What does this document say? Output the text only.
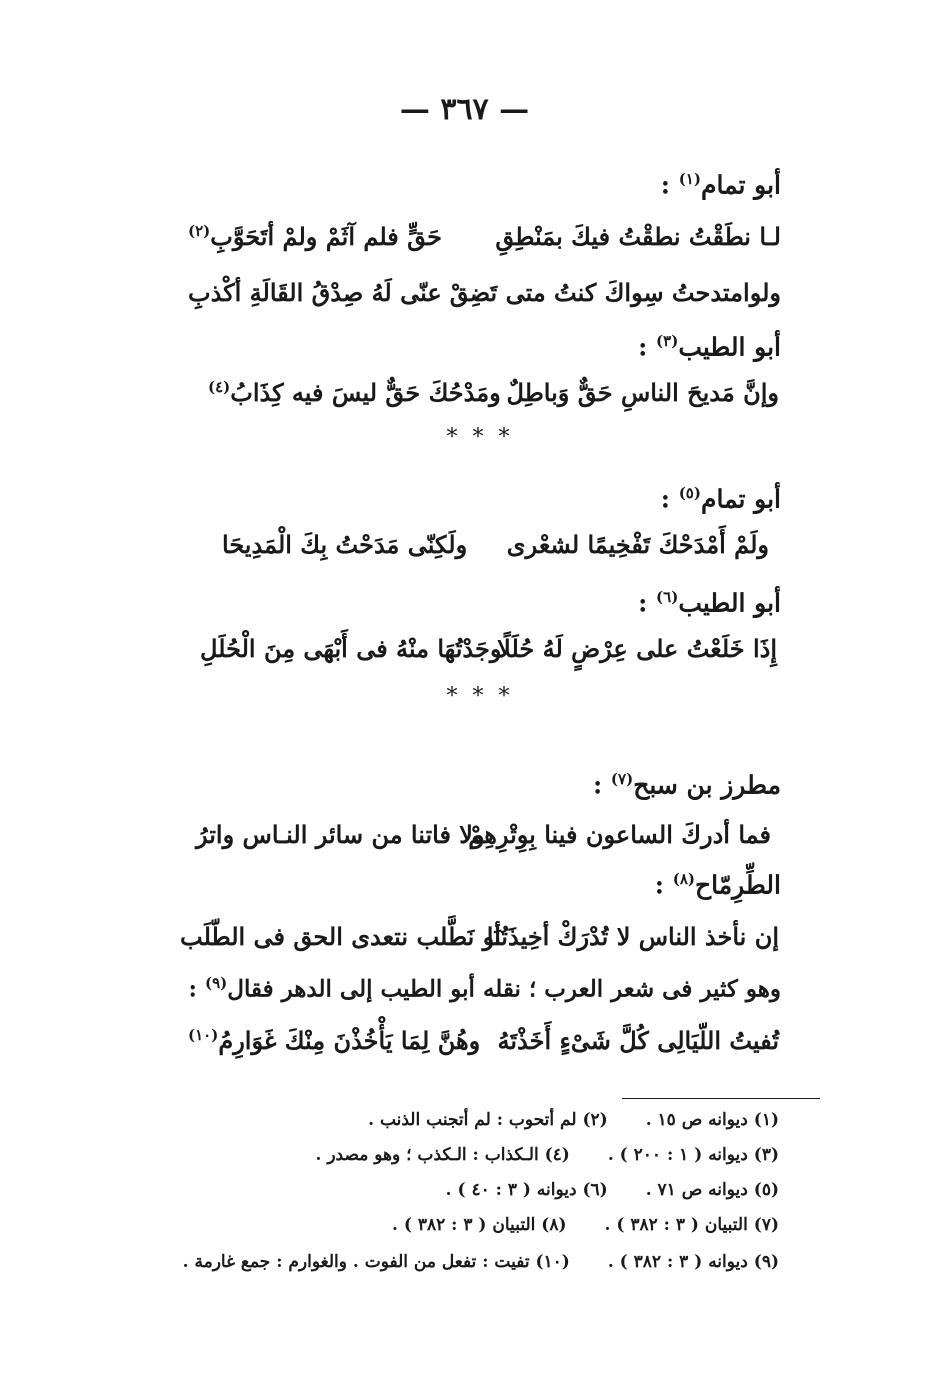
— ٣٦٧ —
أبو تمام$^{(١)}$ :
لـا نطَقْتُ نطقْتُ فيكَ بمَنْطِقِ
حَقٍّ فلم آثَمْ ولمْ أتَحَوَّبِ$^{(٢)}$
ولوامتدحتُ سِواكَ كنتُ متى تَضِقْ
عنّى لَهُ صِدْقُ القَالَةِ أكْذبِ
أبو الطيب$^{(٣)}$ :
وإنَّ مَديحَ الناسِ حَقٌّ وَباطِلٌ
ومَدْحُكَ حَقٌّ ليسَ فيه كِذَابُ$^{(٤)}$
* * *
أبو تمام$^{(٥)}$ :
ولَمْ أَمْدَحْكَ تَفْخِيمًا لشعْرى
ولَكِنّى مَدَحْتُ بِكَ الْمَدِيحَا
أبو الطيب$^{(٦)}$ :
إِذَا خَلَعْتُ على عِرْضٍ لَهُ حُلَلًا
وجَدْتُهَا منْهُ فى أَبْهَى مِنَ الْحُلَلِ
* * *
مطرز بن سبح$^{(٧)}$ :
فما أدركَ الساعون فينا بِوِتْرِهِمْ
ولا فاتنا من سائر النـاس واترُ
الطِّرِمّاح$^{(٨)}$ :
إن نأخذ الناس لا تُدْرَكْ أخِيذَتُنَا
أو نَطَّلب نتعدى الحق فى الطّلَب
وهو كثير فى شعر العرب ؛ نقله أبو الطيب إلى الدهر فقال$^{(٩)}$ :
تُفيتُ اللّيَالِى كُلَّ شَىْءٍ أَخَذْتَهُ
وهُنَّ لِمَا يَأْخُذْنَ مِنْكَ غَوَارِمُ$^{(١٠)}$
(١) ديوانه ص ١٥ .(٢) لم أتحوب : لم أتجنب الذنب .
(٣) ديوانه ( ١ : ٢٠٠ ) .(٤) الـكذاب : الـكذب ؛ وهو مصدر .
(٥) ديوانه ص ٧١ .(٦) ديوانه ( ٣ : ٤٠ ) .
(٧) التبيان ( ٣ : ٣٨٢ ) .(٨) التبيان ( ٣ : ٣٨٢ ) .
(٩) ديوانه ( ٣ : ٣٨٢ ) .(١٠) تفيت : تفعل من الفوت . والغوارم : جمع غارمة .
